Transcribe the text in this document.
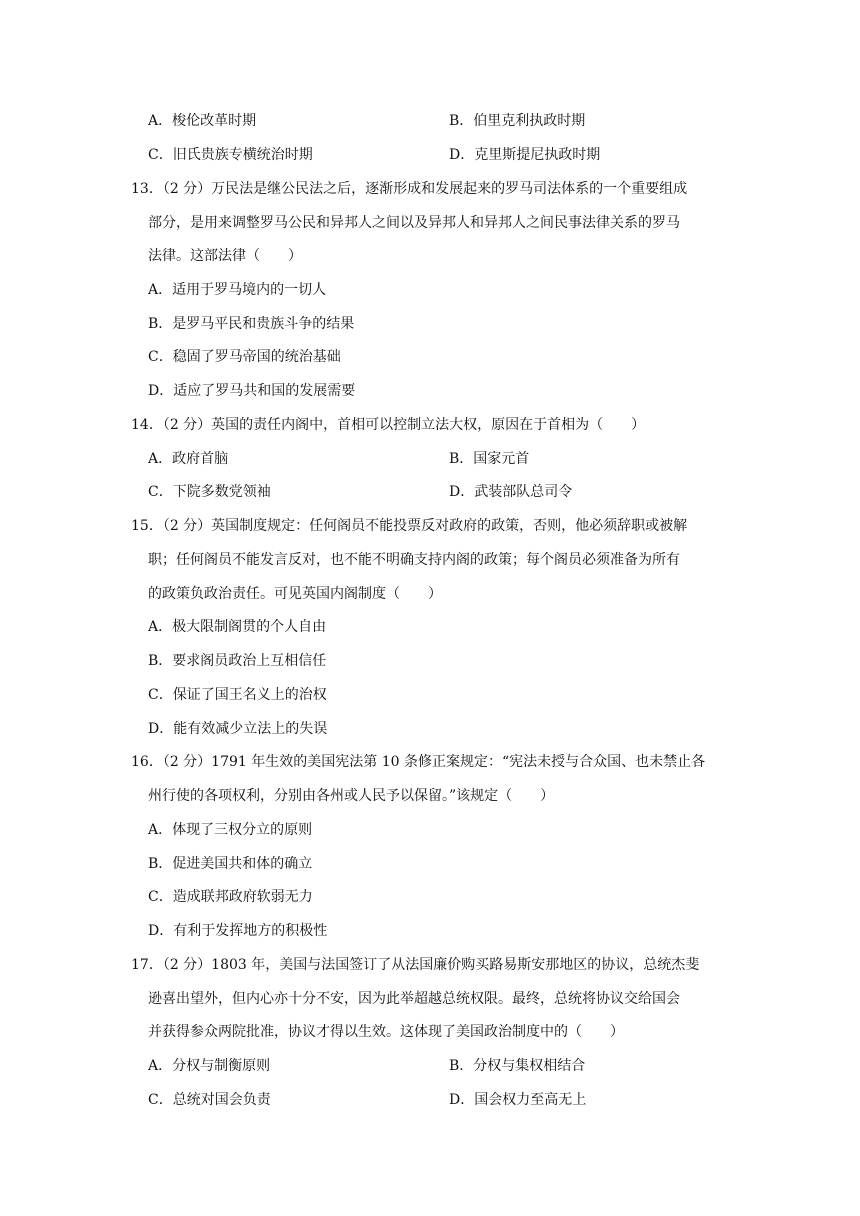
A．梭伦改革时期	B．伯里克利执政时期
C．旧氏贵族专横统治时期	D．克里斯提尼执政时期
13．（2 分）万民法是继公民法之后，逐渐形成和发展起来的罗马司法体系的一个重要组成
部分，是用来调整罗马公民和异邦人之间以及异邦人和异邦人之间民事法律关系的罗马
法律。这部法律（　　）
A．适用于罗马境内的一切人
B．是罗马平民和贵族斗争的结果
C．稳固了罗马帝国的统治基础
D．适应了罗马共和国的发展需要
14．（2 分）英国的责任内阁中，首相可以控制立法大权，原因在于首相为（　　）
A．政府首脑	B．国家元首
C．下院多数党领袖	D．武装部队总司令
15．（2 分）英国制度规定：任何阁员不能投票反对政府的政策，否则，他必须辞职或被解
职；任何阁员不能发言反对，也不能不明确支持内阁的政策；每个阁员必须准备为所有
的政策负政治责任。可见英国内阁制度（　　）
A．极大限制阁贯的个人自由
B．要求阁员政治上互相信任
C．保证了国王名义上的治权
D．能有效减少立法上的失误
16．（2 分）1791 年生效的美国宪法第 10 条修正案规定：“宪法未授与合众国、也未禁止各
州行使的各项权利，分别由各州或人民予以保留。”该规定（　　）
A．体现了三权分立的原则
B．促进美国共和体的确立
C．造成联邦政府软弱无力
D．有利于发挥地方的积极性
17．（2 分）1803 年，美国与法国签订了从法国廉价购买路易斯安那地区的协议，总统杰斐
逊喜出望外，但内心亦十分不安，因为此举超越总统权限。最终，总统将协议交给国会
并获得参众两院批准，协议才得以生效。这体现了美国政治制度中的（　　）
A．分权与制衡原则	B．分权与集权相结合
C．总统对国会负责	D．国会权力至高无上
